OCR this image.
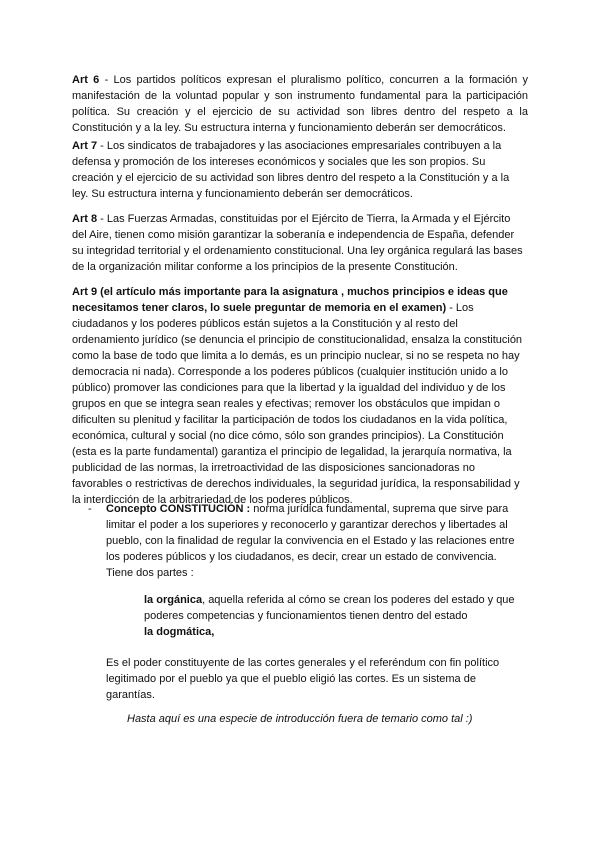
Art 6 - Los partidos políticos expresan el pluralismo político, concurren a la formación y manifestación de la voluntad popular y son instrumento fundamental para la participación política. Su creación y el ejercicio de su actividad son libres dentro del respeto a la Constitución y a la ley. Su estructura interna y funcionamiento deberán ser democráticos.

Art 7 - Los sindicatos de trabajadores y las asociaciones empresariales contribuyen a la defensa y promoción de los intereses económicos y sociales que les son propios. Su creación y el ejercicio de su actividad son libres dentro del respeto a la Constitución y a la ley. Su estructura interna y funcionamiento deberán ser democráticos.

Art 8 - Las Fuerzas Armadas, constituidas por el Ejército de Tierra, la Armada y el Ejército del Aire, tienen como misión garantizar la soberanía e independencia de España, defender su integridad territorial y el ordenamiento constitucional. Una ley orgánica regulará las bases de la organización militar conforme a los principios de la presente Constitución.

Art 9 (el artículo más importante para la asignatura , muchos principios e ideas que necesitamos tener claros, lo suele preguntar de memoria en el examen) - Los ciudadanos y los poderes públicos están sujetos a la Constitución y al resto del ordenamiento jurídico (se denuncia el principio de constitucionalidad, ensalza la constitución como la base de todo que limita a lo demás, es un principio nuclear, si no se respeta no hay democracia ni nada). Corresponde a los poderes públicos (cualquier institución unido a lo público) promover las condiciones para que la libertad y la igualdad del individuo y de los grupos en que se integra sean reales y efectivas; remover los obstáculos que impidan o dificulten su plenitud y facilitar la participación de todos los ciudadanos en la vida política, económica, cultural y social (no dice cómo, sólo son grandes principios). La Constitución (esta es la parte fundamental) garantiza el principio de legalidad, la jerarquía normativa, la publicidad de las normas, la irretroactividad de las disposiciones sancionadoras no favorables o restrictivas de derechos individuales, la seguridad jurídica, la responsabilidad y la interdicción de la arbitrariedad de los poderes públicos.

- Concepto CONSTITUCIÓN : norma jurídica fundamental, suprema que sirve para limitar el poder a los superiores y reconocerlo y garantizar derechos y libertades al pueblo, con la finalidad de regular la convivencia en el Estado y las relaciones entre los poderes públicos y los ciudadanos, es decir, crear un estado de convivencia. Tiene dos partes :

la orgánica, aquella referida al cómo se crean los poderes del estado y que poderes competencias y funcionamientos tienen dentro del estado

la dogmática,

Es el poder constituyente de las cortes generales y el referéndum con fin político legitimado por el pueblo ya que el pueblo eligió las cortes. Es un sistema de garantías.

Hasta aquí es una especie de introducción fuera de temario como tal :)
